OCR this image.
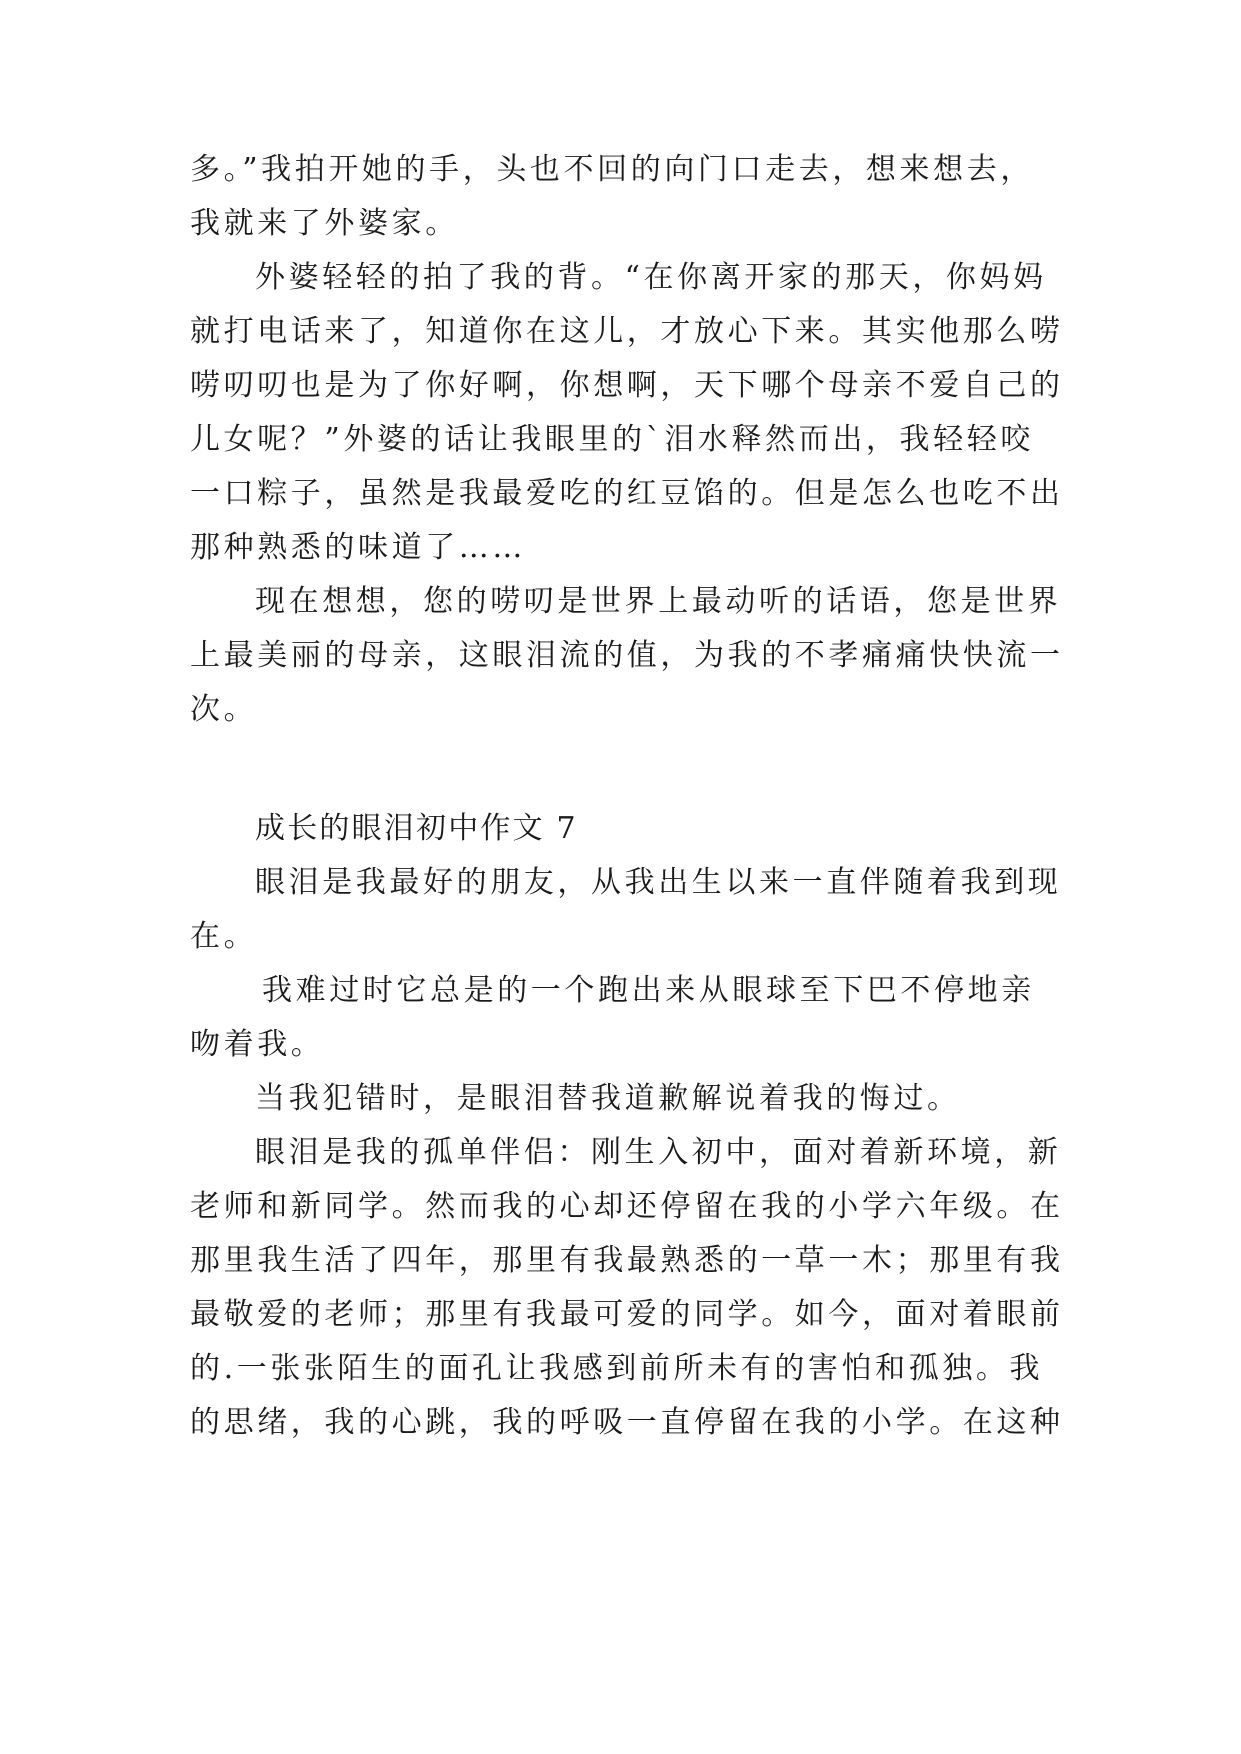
多。”我拍开她的手，头也不回的向门口走去，想来想去，
我就来了外婆家。
外婆轻轻的拍了我的背。“在你离开家的那天，你妈妈
就打电话来了，知道你在这儿，才放心下来。其实他那么唠
唠叨叨也是为了你好啊，你想啊，天下哪个母亲不爱自己的
儿女呢？”外婆的话让我眼里的`泪水释然而出，我轻轻咬
一口粽子，虽然是我最爱吃的红豆馅的。但是怎么也吃不出
那种熟悉的味道了……
现在想想，您的唠叨是世界上最动听的话语，您是世界
上最美丽的母亲，这眼泪流的值，为我的不孝痛痛快快流一
次。
成长的眼泪初中作文 7
眼泪是我最好的朋友，从我出生以来一直伴随着我到现
在。
我难过时它总是的一个跑出来从眼球至下巴不停地亲
吻着我。
当我犯错时，是眼泪替我道歉解说着我的悔过。
眼泪是我的孤单伴侣：刚生入初中，面对着新环境，新
老师和新同学。然而我的心却还停留在我的小学六年级。在
那里我生活了四年，那里有我最熟悉的一草一木；那里有我
最敬爱的老师；那里有我最可爱的同学。如今，面对着眼前
的.一张张陌生的面孔让我感到前所未有的害怕和孤独。我
的思绪，我的心跳，我的呼吸一直停留在我的小学。在这种
